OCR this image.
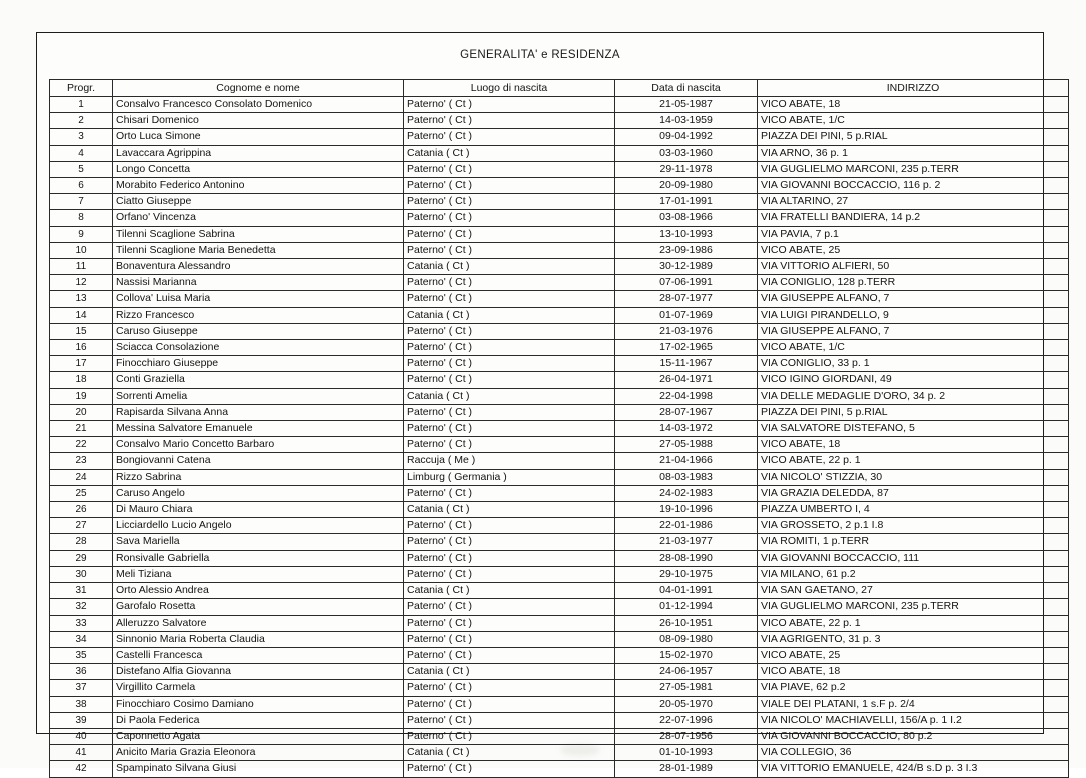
GENERALITA' e RESIDENZA
Progr.	Cognome e nome	Luogo di nascita	Data di nascita	INDIRIZZO
1	Consalvo Francesco Consolato Domenico	Paterno' ( Ct )	21-05-1987	VICO ABATE, 18
2	Chisari Domenico	Paterno' ( Ct )	14-03-1959	VICO ABATE, 1/C
3	Orto Luca Simone	Paterno' ( Ct )	09-04-1992	PIAZZA DEI PINI, 5 p.RIAL
4	Lavaccara Agrippina	Catania ( Ct )	03-03-1960	VIA ARNO, 36 p. 1
5	Longo Concetta	Paterno' ( Ct )	29-11-1978	VIA GUGLIELMO MARCONI, 235 p.TERR
6	Morabito Federico Antonino	Paterno' ( Ct )	20-09-1980	VIA GIOVANNI BOCCACCIO, 116 p. 2
7	Ciatto Giuseppe	Paterno' ( Ct )	17-01-1991	VIA ALTARINO, 27
8	Orfano' Vincenza	Paterno' ( Ct )	03-08-1966	VIA FRATELLI BANDIERA, 14 p.2
9	Tilenni Scaglione Sabrina	Paterno' ( Ct )	13-10-1993	VIA PAVIA, 7 p.1
10	Tilenni Scaglione Maria Benedetta	Paterno' ( Ct )	23-09-1986	VICO ABATE, 25
11	Bonaventura Alessandro	Catania ( Ct )	30-12-1989	VIA VITTORIO ALFIERI, 50
12	Nassisi Marianna	Paterno' ( Ct )	07-06-1991	VIA CONIGLIO, 128 p.TERR
13	Collova' Luisa Maria	Paterno' ( Ct )	28-07-1977	VIA GIUSEPPE ALFANO, 7
14	Rizzo Francesco	Catania ( Ct )	01-07-1969	VIA LUIGI PIRANDELLO, 9
15	Caruso Giuseppe	Paterno' ( Ct )	21-03-1976	VIA GIUSEPPE ALFANO, 7
16	Sciacca Consolazione	Paterno' ( Ct )	17-02-1965	VICO ABATE, 1/C
17	Finocchiaro Giuseppe	Paterno' ( Ct )	15-11-1967	VIA CONIGLIO, 33 p. 1
18	Conti Graziella	Paterno' ( Ct )	26-04-1971	VICO IGINO GIORDANI, 49
19	Sorrenti Amelia	Catania ( Ct )	22-04-1998	VIA DELLE MEDAGLIE D'ORO, 34 p. 2
20	Rapisarda Silvana Anna	Paterno' ( Ct )	28-07-1967	PIAZZA DEI PINI, 5 p.RIAL
21	Messina Salvatore Emanuele	Paterno' ( Ct )	14-03-1972	VIA SALVATORE DISTEFANO, 5
22	Consalvo Mario Concetto Barbaro	Paterno' ( Ct )	27-05-1988	VICO ABATE, 18
23	Bongiovanni Catena	Raccuja ( Me )	21-04-1966	VICO ABATE, 22 p. 1
24	Rizzo Sabrina	Limburg ( Germania )	08-03-1983	VIA NICOLO' STIZZIA, 30
25	Caruso Angelo	Paterno' ( Ct )	24-02-1983	VIA GRAZIA DELEDDA, 87
26	Di Mauro Chiara	Catania ( Ct )	19-10-1996	PIAZZA UMBERTO I, 4
27	Licciardello Lucio Angelo	Paterno' ( Ct )	22-01-1986	VIA GROSSETO, 2 p.1 I.8
28	Sava Mariella	Paterno' ( Ct )	21-03-1977	VIA ROMITI, 1 p.TERR
29	Ronsivalle Gabriella	Paterno' ( Ct )	28-08-1990	VIA GIOVANNI BOCCACCIO, 111
30	Meli Tiziana	Paterno' ( Ct )	29-10-1975	VIA MILANO, 61 p.2
31	Orto Alessio Andrea	Catania ( Ct )	04-01-1991	VIA SAN GAETANO, 27
32	Garofalo Rosetta	Paterno' ( Ct )	01-12-1994	VIA GUGLIELMO MARCONI, 235 p.TERR
33	Alleruzzo Salvatore	Paterno' ( Ct )	26-10-1951	VICO ABATE, 22 p. 1
34	Sinnonio Maria Roberta Claudia	Paterno' ( Ct )	08-09-1980	VIA AGRIGENTO, 31 p. 3
35	Castelli Francesca	Paterno' ( Ct )	15-02-1970	VICO ABATE, 25
36	Distefano Alfia Giovanna	Catania ( Ct )	24-06-1957	VICO ABATE, 18
37	Virgillito Carmela	Paterno' ( Ct )	27-05-1981	VIA PIAVE, 62 p.2
38	Finocchiaro Cosimo Damiano	Paterno' ( Ct )	20-05-1970	VIALE DEI PLATANI, 1 s.F p. 2/4
39	Di Paola Federica	Paterno' ( Ct )	22-07-1996	VIA NICOLO' MACHIAVELLI, 156/A p. 1 I.2
40	Caponnetto Agata	Paterno' ( Ct )	28-07-1956	VIA GIOVANNI BOCCACCIO, 80 p.2
41	Anicito Maria Grazia Eleonora	Catania ( Ct )	01-10-1993	VIA COLLEGIO, 36
42	Spampinato Silvana Giusi	Paterno' ( Ct )	28-01-1989	VIA VITTORIO EMANUELE, 424/B s.D p. 3 I.3
